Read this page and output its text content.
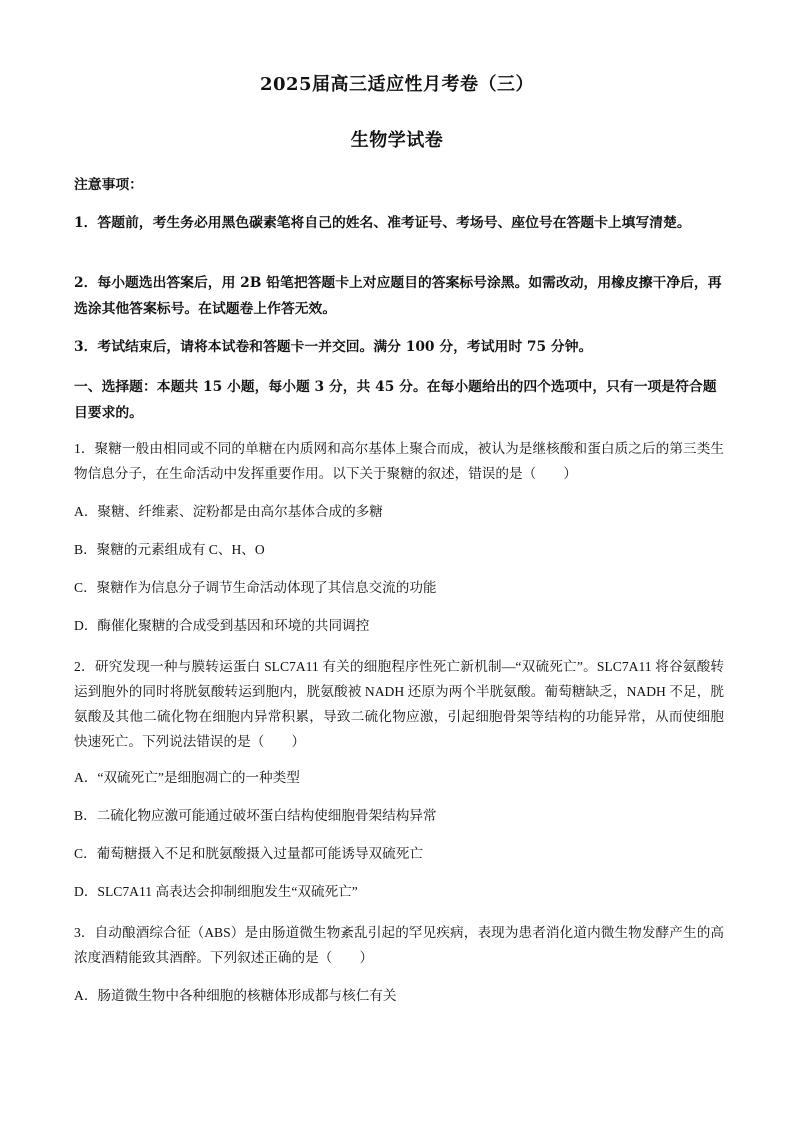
2025届高三适应性月考卷（三）
生物学试卷

注意事项：

1．答题前，考生务必用黑色碳素笔将自己的姓名、准考证号、考场号、座位号在答题卡上填写清楚。

2．每小题选出答案后，用 2B 铅笔把答题卡上对应题目的答案标号涂黑。如需改动，用橡皮擦干净后，再选涂其他答案标号。在试题卷上作答无效。

3．考试结束后，请将本试卷和答题卡一并交回。满分 100 分，考试用时 75 分钟。

一、选择题：本题共 15 小题，每小题 3 分，共 45 分。在每小题给出的四个选项中，只有一项是符合题目要求的。

1．聚糖一般由相同或不同的单糖在内质网和高尔基体上聚合而成，被认为是继核酸和蛋白质之后的第三类生物信息分子，在生命活动中发挥重要作用。以下关于聚糖的叙述，错误的是（　　）

A．聚糖、纤维素、淀粉都是由高尔基体合成的多糖

B．聚糖的元素组成有 C、H、O

C．聚糖作为信息分子调节生命活动体现了其信息交流的功能

D．酶催化聚糖的合成受到基因和环境的共同调控

2．研究发现一种与膜转运蛋白 SLC7A11 有关的细胞程序性死亡新机制—“双硫死亡”。SLC7A11 将谷氨酸转运到胞外的同时将胱氨酸转运到胞内，胱氨酸被 NADH 还原为两个半胱氨酸。葡萄糖缺乏，NADH 不足，胱氨酸及其他二硫化物在细胞内异常积累，导致二硫化物应激，引起细胞骨架等结构的功能异常，从而使细胞快速死亡。下列说法错误的是（　　）

A．“双硫死亡”是细胞凋亡的一种类型

B．二硫化物应激可能通过破坏蛋白结构使细胞骨架结构异常

C．葡萄糖摄入不足和胱氨酸摄入过量都可能诱导双硫死亡

D．SLC7A11 高表达会抑制细胞发生“双硫死亡”

3．自动酿酒综合征（ABS）是由肠道微生物紊乱引起的罕见疾病，表现为患者消化道内微生物发酵产生的高浓度酒精能致其酒醉。下列叙述正确的是（　　）

A．肠道微生物中各种细胞的核糖体形成都与核仁有关
